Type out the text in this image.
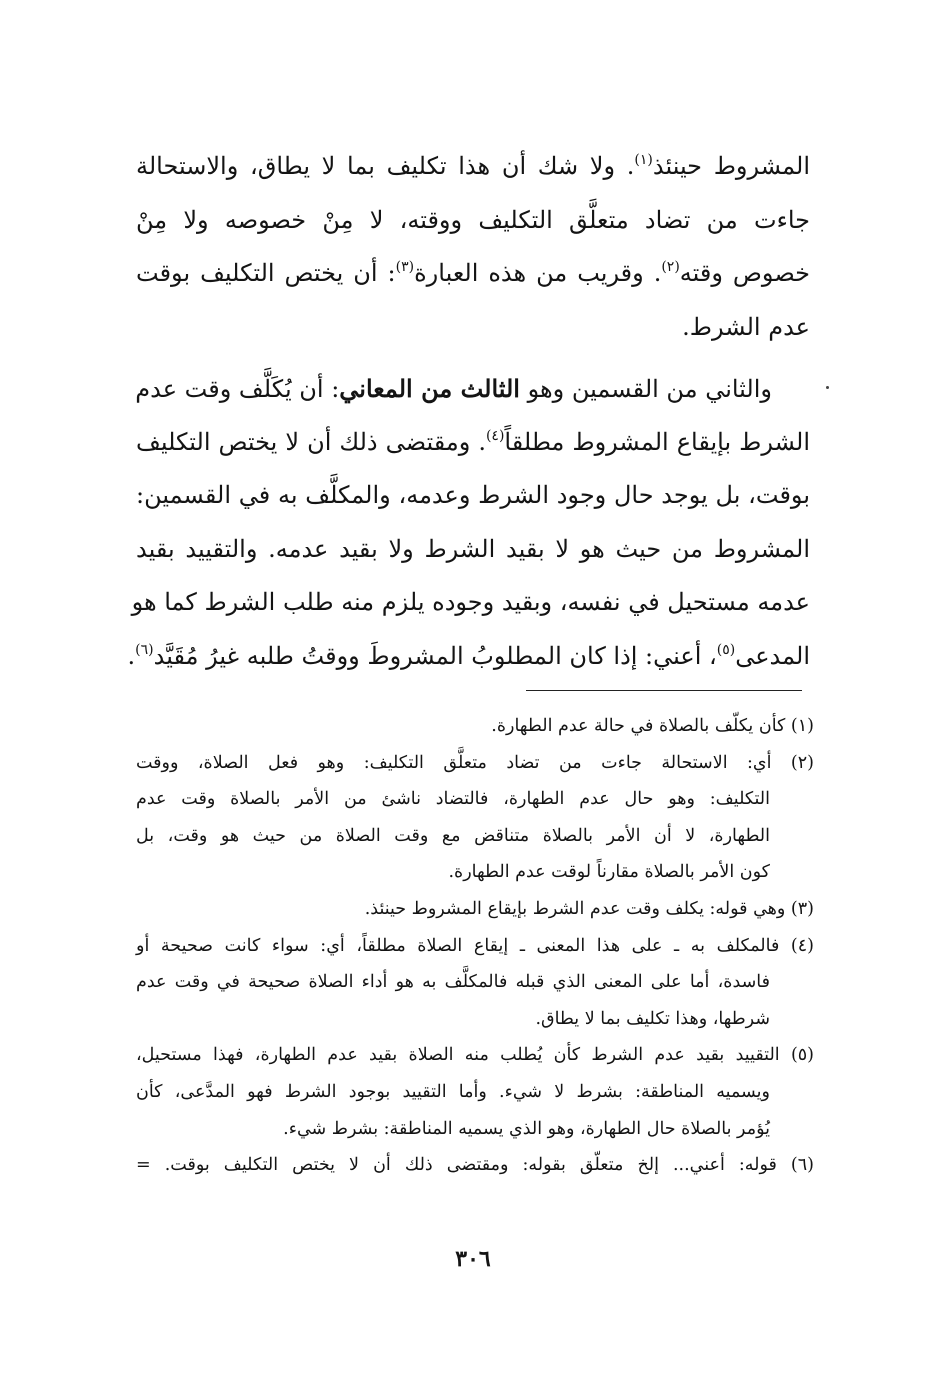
المشروط حينئذ$^{(١)}$. ولا شك أن هذا تكليف بما لا يطاق، والاستحالة
جاءت من تضاد متعلَّق التكليف ووقته، لا مِنْ خصوصه ولا مِنْ
خصوص وقته$^{(٢)}$. وقريب من هذه العبارة$^{(٣)}$: أن يختص التكليف بوقت
عدم الشرط.
والثاني من القسمين وهو الثالث من المعاني: أن يُكَلَّف وقت عدم
الشرط بإيقاع المشروط مطلقاً$^{(٤)}$. ومقتضى ذلك أن لا يختص التكليف
بوقت، بل يوجد حال وجود الشرط وعدمه، والمكلَّف به في القسمين:
المشروط من حيث هو لا بقيد الشرط ولا بقيد عدمه. والتقييد بقيد
عدمه مستحيل في نفسه، وبقيد وجوده يلزم منه طلب الشرط كما هو
المدعى$^{(٥)}$، أعني: إذا كان المطلوبُ المشروطَ ووقتُ طلبه غيرُ مُقَيَّد$^{(٦)}$.
(١) كأن يكلّف بالصلاة في حالة عدم الطهارة.
(٢) أي: الاستحالة جاءت من تضاد متعلَّق التكليف: وهو فعل الصلاة، ووقت
التكليف: وهو حال عدم الطهارة، فالتضاد ناشئ من الأمر بالصلاة وقت عدم
الطهارة، لا أن الأمر بالصلاة متناقض مع وقت الصلاة من حيث هو وقت، بل
كون الأمر بالصلاة مقارناً لوقت عدم الطهارة.
(٣) وهي قوله: يكلف وقت عدم الشرط بإيقاع المشروط حينئذ.
(٤) فالمكلف به ـ على هذا المعنى ـ إيقاع الصلاة مطلقاً، أي: سواء كانت صحيحة أو
فاسدة، أما على المعنى الذي قبله فالمكلَّف به هو أداء الصلاة صحيحة في وقت عدم
شرطها، وهذا تكليف بما لا يطاق.
(٥) التقييد بقيد عدم الشرط كأن يُطلب منه الصلاة بقيد عدم الطهارة، فهذا مستحيل،
ويسميه المناطقة: بشرط لا شيء. وأما التقييد بوجود الشرط فهو المدَّعى، كأن
يُؤمر بالصلاة حال الطهارة، وهو الذي يسميه المناطقة: بشرط شيء.
(٦) قوله: أعني... إلخ متعلّق بقوله: ومقتضى ذلك أن لا يختص التكليف بوقت. =
٣٠٦
